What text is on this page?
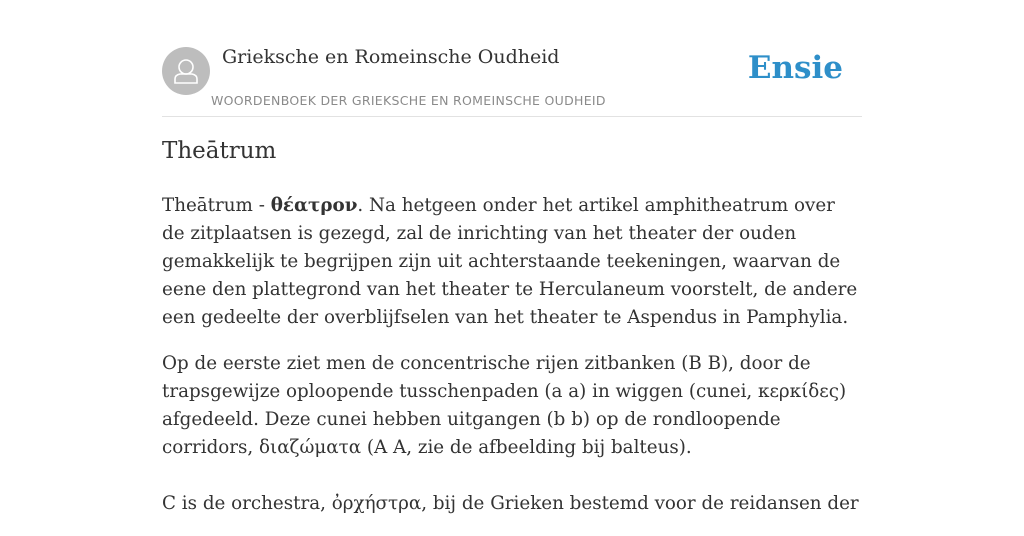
Grieksche en Romeinsche Oudheid
WOORDENBOEK DER GRIEKSCHE EN ROMEINSCHE OUDHEID
Ensie
Theātrum

Theātrum - θέατρον. Na hetgeen onder het artikel amphitheatrum over de zitplaatsen is gezegd, zal de inrichting van het theater der ouden gemakkelijk te begrijpen zijn uit achterstaande teekeningen, waarvan de eene den plattegrond van het theater te Herculaneum voorstelt, de andere een gedeelte der overblijfselen van het theater te Aspendus in Pamphylia.

Op de eerste ziet men de concentrische rijen zitbanken (B B), door de trapsgewijze oploopende tusschenpaden (a a) in wiggen (cunei, κερκίδες) afgedeeld. Deze cunei hebben uitgangen (b b) op de rondloopende corridors, διαζώματα (A A, zie de afbeelding bij balteus).

C is de orchestra, ὀρχήστρα, bij de Grieken bestemd voor de reidansen der
